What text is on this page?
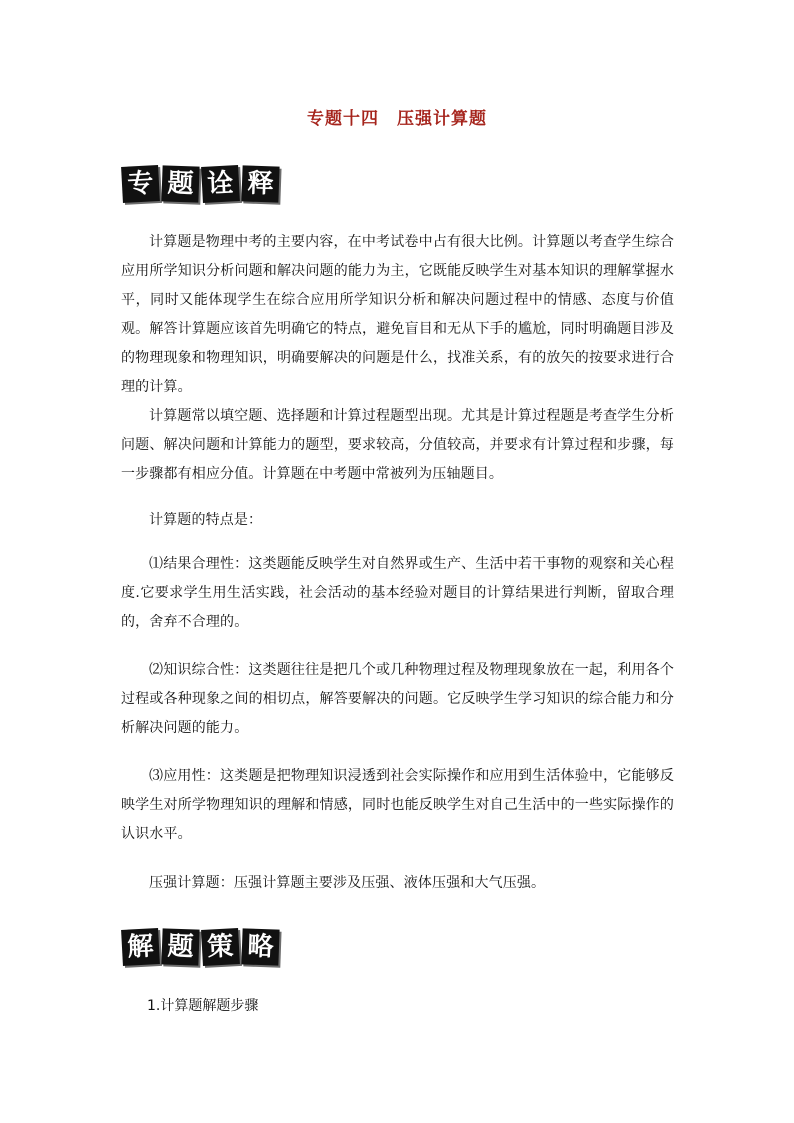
专题十四　压强计算题
专 题 诠 释

计算题是物理中考的主要内容，在中考试卷中占有很大比例。计算题以考查学生综合应用所学知识分析问题和解决问题的能力为主，它既能反映学生对基本知识的理解掌握水平，同时又能体现学生在综合应用所学知识分析和解决问题过程中的情感、态度与价值观。解答计算题应该首先明确它的特点，避免盲目和无从下手的尴尬，同时明确题目涉及的物理现象和物理知识，明确要解决的问题是什么，找准关系，有的放矢的按要求进行合理的计算。

计算题常以填空题、选择题和计算过程题型出现。尤其是计算过程题是考查学生分析问题、解决问题和计算能力的题型，要求较高，分值较高，并要求有计算过程和步骤，每一步骤都有相应分值。计算题在中考题中常被列为压轴题目。

计算题的特点是：

⑴结果合理性：这类题能反映学生对自然界或生产、生活中若干事物的观察和关心程度.它要求学生用生活实践，社会活动的基本经验对题目的计算结果进行判断，留取合理的，舍弃不合理的。

⑵知识综合性：这类题往往是把几个或几种物理过程及物理现象放在一起，利用各个过程或各种现象之间的相切点，解答要解决的问题。它反映学生学习知识的综合能力和分析解决问题的能力。

⑶应用性：这类题是把物理知识浸透到社会实际操作和应用到生活体验中，它能够反映学生对所学物理知识的理解和情感，同时也能反映学生对自己生活中的一些实际操作的认识水平。

压强计算题：压强计算题主要涉及压强、液体压强和大气压强。

解 题 策 略
1.计算题解题步骤
